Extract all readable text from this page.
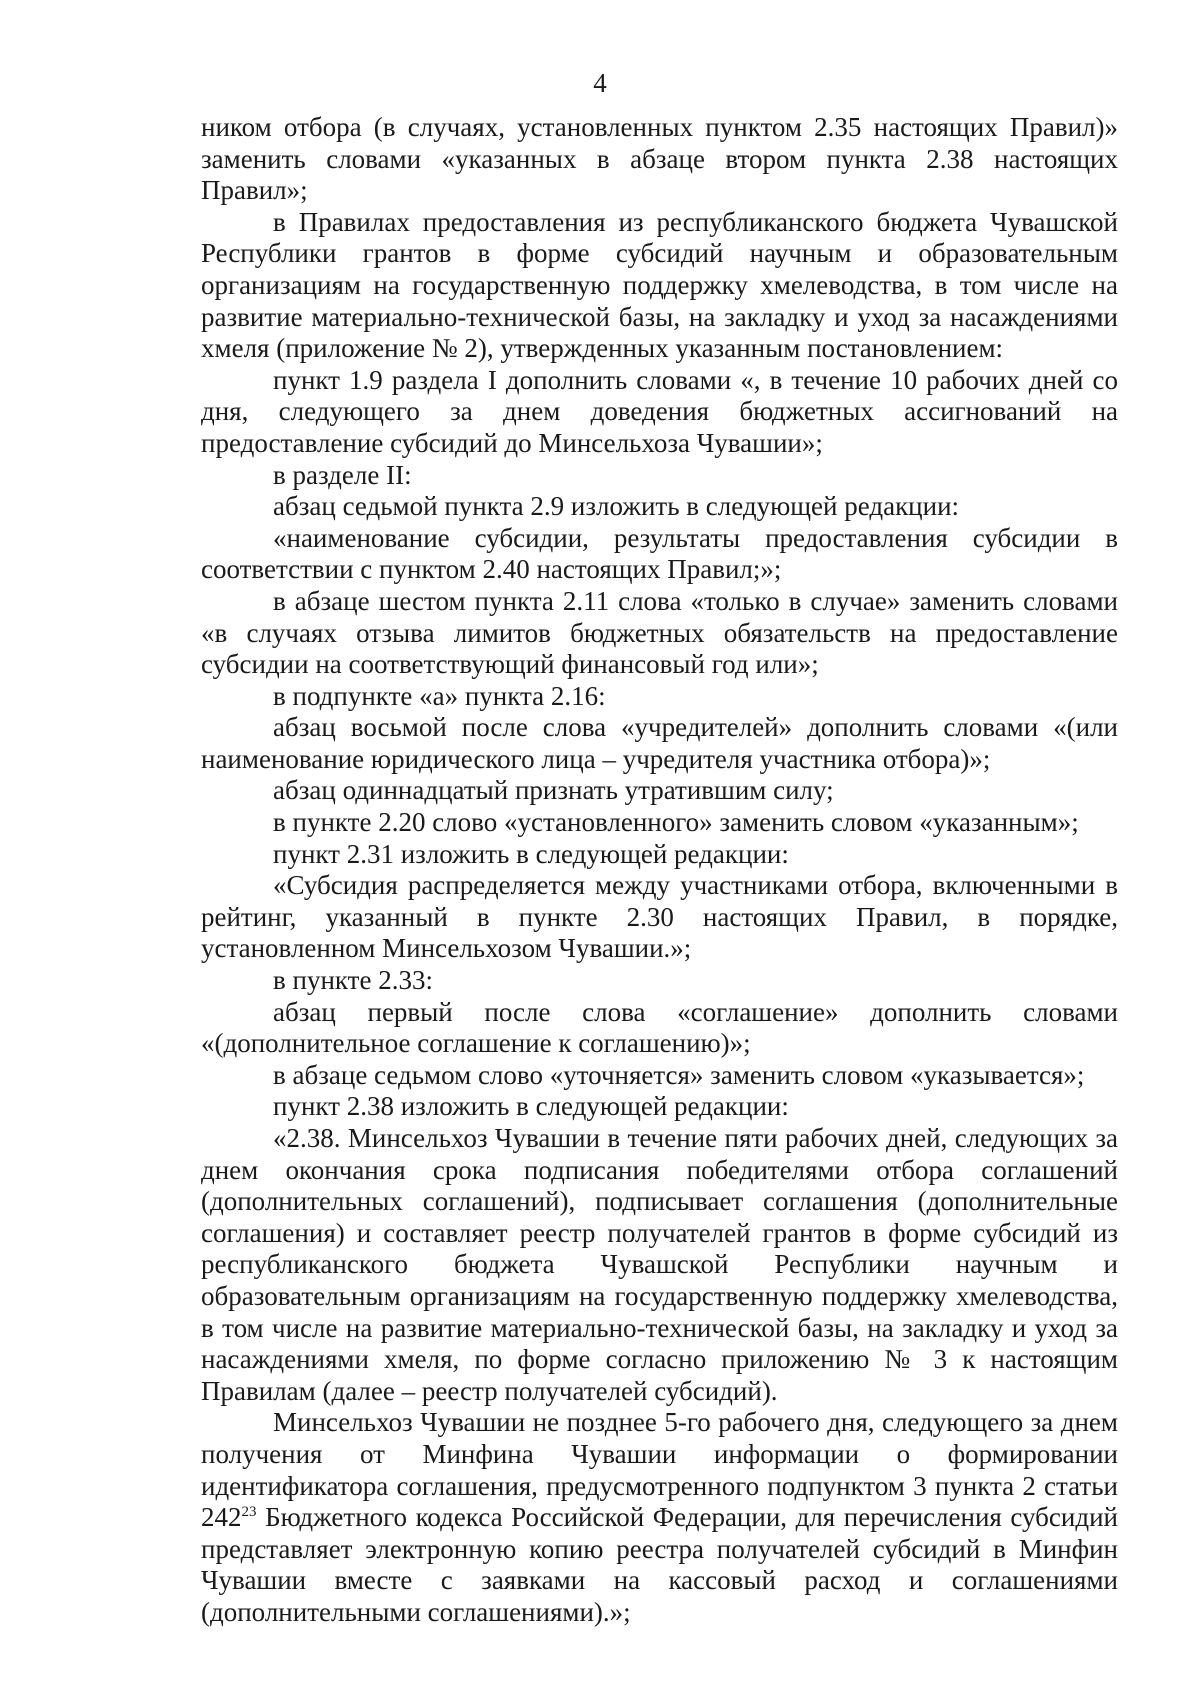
4

ником отбора (в случаях, установленных пунктом 2.35 настоящих Правил)» заменить словами «указанных в абзаце втором пункта 2.38 настоящих Правил»;

в Правилах предоставления из республиканского бюджета Чувашской Республики грантов в форме субсидий научным и образовательным организациям на государственную поддержку хмелеводства, в том числе на развитие материально-технической базы, на закладку и уход за насаждениями хмеля (приложение № 2), утвержденных указанным постановлением:

пункт 1.9 раздела I дополнить словами «, в течение 10 рабочих дней со дня, следующего за днем доведения бюджетных ассигнований на предоставление субсидий до Минсельхоза Чувашии»;

в разделе II:

абзац седьмой пункта 2.9 изложить в следующей редакции:

«наименование субсидии, результаты предоставления субсидии в соответствии с пунктом 2.40 настоящих Правил;»;

в абзаце шестом пункта 2.11 слова «только в случае» заменить словами «в случаях отзыва лимитов бюджетных обязательств на предоставление субсидии на соответствующий финансовый год или»;

в подпункте «а» пункта 2.16:

абзац восьмой после слова «учредителей» дополнить словами «(или наименование юридического лица – учредителя участника отбора)»;

абзац одиннадцатый признать утратившим силу;

в пункте 2.20 слово «установленного» заменить словом «указанным»;

пункт 2.31 изложить в следующей редакции:

«Субсидия распределяется между участниками отбора, включенными в рейтинг, указанный в пункте 2.30 настоящих Правил, в порядке, установленном Минсельхозом Чувашии.»;

в пункте 2.33:

абзац первый после слова «соглашение» дополнить словами «(дополнительное соглашение к соглашению)»;

в абзаце седьмом слово «уточняется» заменить словом «указывается»;

пункт 2.38 изложить в следующей редакции:

«2.38. Минсельхоз Чувашии в течение пяти рабочих дней, следующих за днем окончания срока подписания победителями отбора соглашений (дополнительных соглашений), подписывает соглашения (дополнительные соглашения) и составляет реестр получателей грантов в форме субсидий из республиканского бюджета Чувашской Республики научным и образовательным организациям на государственную поддержку хмелеводства, в том числе на развитие материально-технической базы, на закладку и уход за насаждениями хмеля, по форме согласно приложению № 3 к настоящим Правилам (далее – реестр получателей субсидий).

Минсельхоз Чувашии не позднее 5-го рабочего дня, следующего за днем получения от Минфина Чувашии информации о формировании идентификатора соглашения, предусмотренного подпунктом 3 пункта 2 статьи $242^{23}$ Бюджетного кодекса Российской Федерации, для перечисления субсидий представляет электронную копию реестра получателей субсидий в Минфин Чувашии вместе с заявками на кассовый расход и соглашениями (дополнительными соглашениями).»;
